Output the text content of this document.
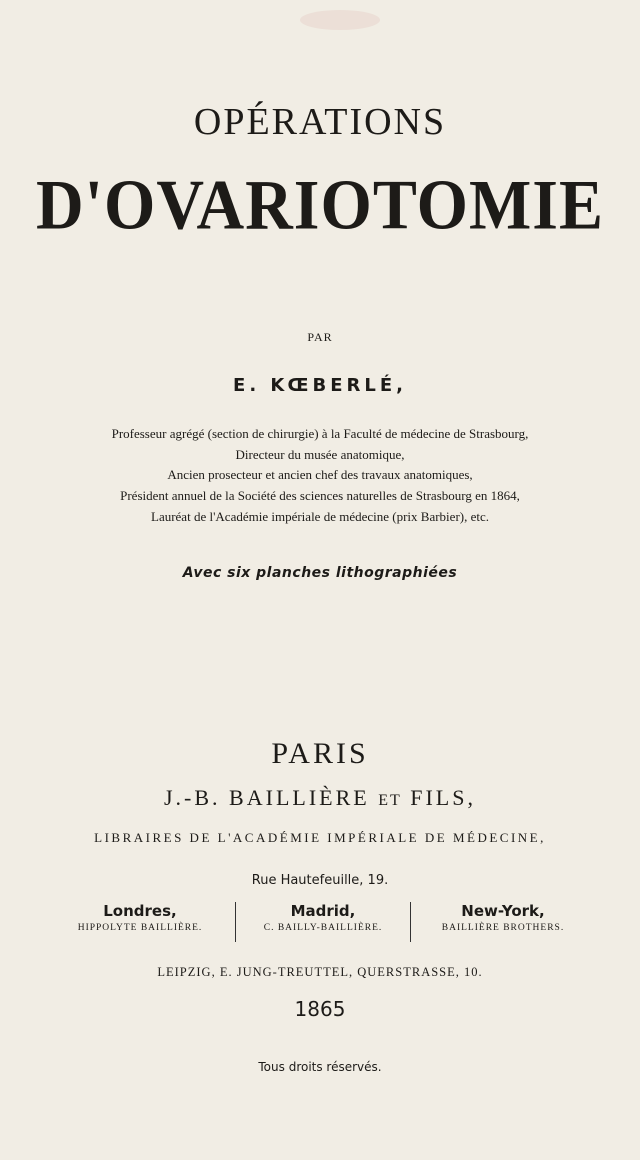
OPÉRATIONS
D'OVARIOTOMIE
PAR
E. KŒBERLÉ,
Professeur agrégé (section de chirurgie) à la Faculté de médecine de Strasbourg,
Directeur du musée anatomique,
Ancien prosecteur et ancien chef des travaux anatomiques,
Président annuel de la Société des sciences naturelles de Strasbourg en 1864,
Lauréat de l'Académie impériale de médecine (prix Barbier), etc.
Avec six planches lithographiées
PARIS
J.-B. BAILLIÈRE ET FILS,
LIBRAIRES DE L'ACADÉMIE IMPÉRIALE DE MÉDECINE,
Rue Hautefeuille, 19.
Londres,
HIPPOLYTE BAILLIÈRE.
Madrid,
C. BAILLY-BAILLIÈRE.
New-York,
BAILLIÈRE BROTHERS.
LEIPZIG, E. JUNG-TREUTTEL, QUERSTRASSE, 10.
1865
Tous droits réservés.
